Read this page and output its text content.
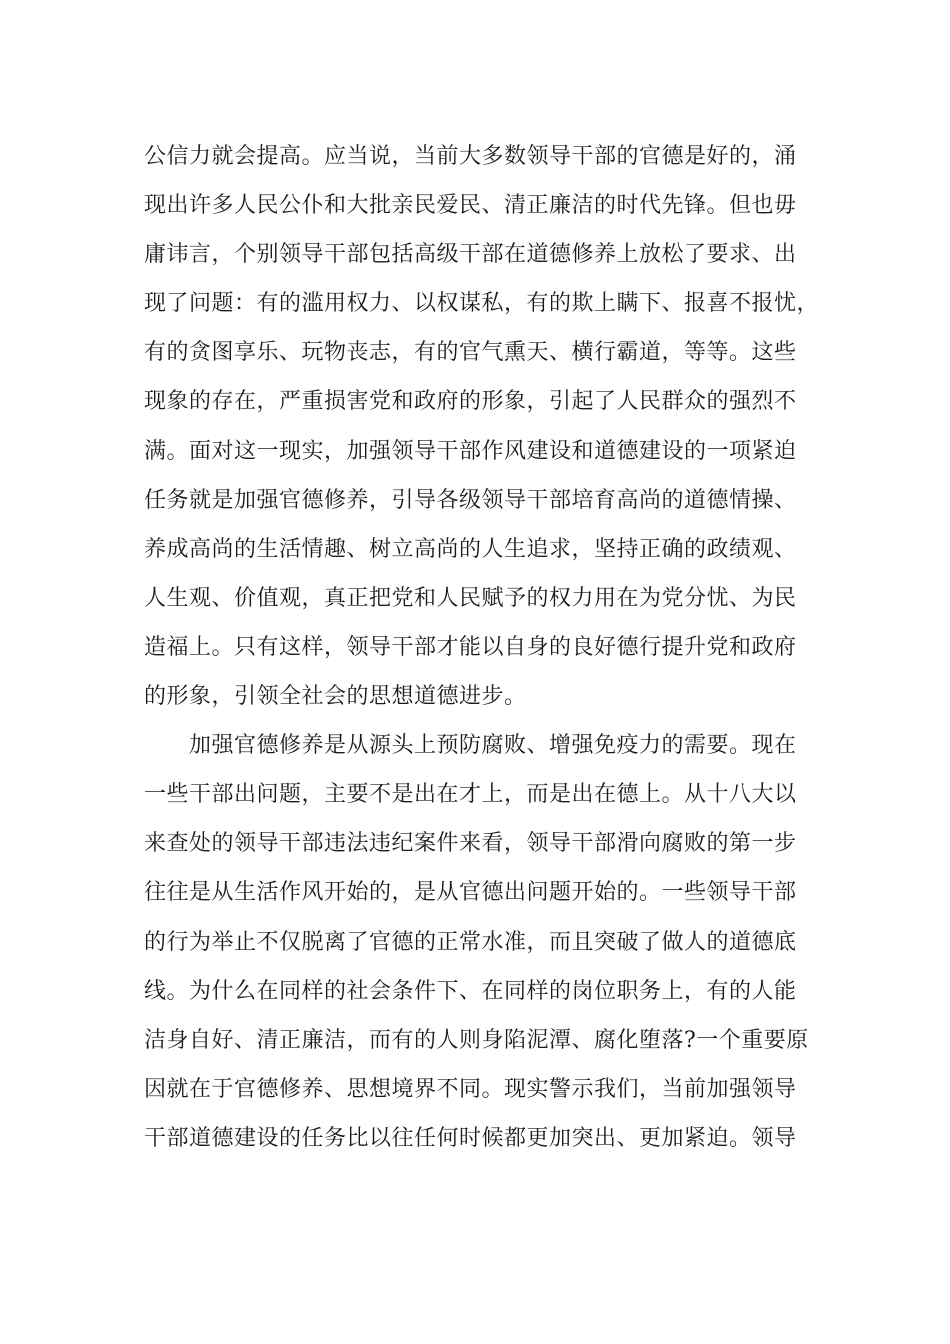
公信力就会提高。应当说，当前大多数领导干部的官德是好的，涌
现出许多人民公仆和大批亲民爱民、清正廉洁的时代先锋。但也毋
庸讳言，个别领导干部包括高级干部在道德修养上放松了要求、出
现了问题：有的滥用权力、以权谋私，有的欺上瞒下、报喜不报忧，
有的贪图享乐、玩物丧志，有的官气熏天、横行霸道，等等。这些
现象的存在，严重损害党和政府的形象，引起了人民群众的强烈不
满。面对这一现实，加强领导干部作风建设和道德建设的一项紧迫
任务就是加强官德修养，引导各级领导干部培育高尚的道德情操、
养成高尚的生活情趣、树立高尚的人生追求，坚持正确的政绩观、
人生观、价值观，真正把党和人民赋予的权力用在为党分忧、为民
造福上。只有这样，领导干部才能以自身的良好德行提升党和政府
的形象，引领全社会的思想道德进步。
　　加强官德修养是从源头上预防腐败、增强免疫力的需要。现在
一些干部出问题，主要不是出在才上，而是出在德上。从十八大以
来查处的领导干部违法违纪案件来看，领导干部滑向腐败的第一步
往往是从生活作风开始的，是从官德出问题开始的。一些领导干部
的行为举止不仅脱离了官德的正常水准，而且突破了做人的道德底
线。为什么在同样的社会条件下、在同样的岗位职务上，有的人能
洁身自好、清正廉洁，而有的人则身陷泥潭、腐化堕落?一个重要原
因就在于官德修养、思想境界不同。现实警示我们，当前加强领导
干部道德建设的任务比以往任何时候都更加突出、更加紧迫。领导
